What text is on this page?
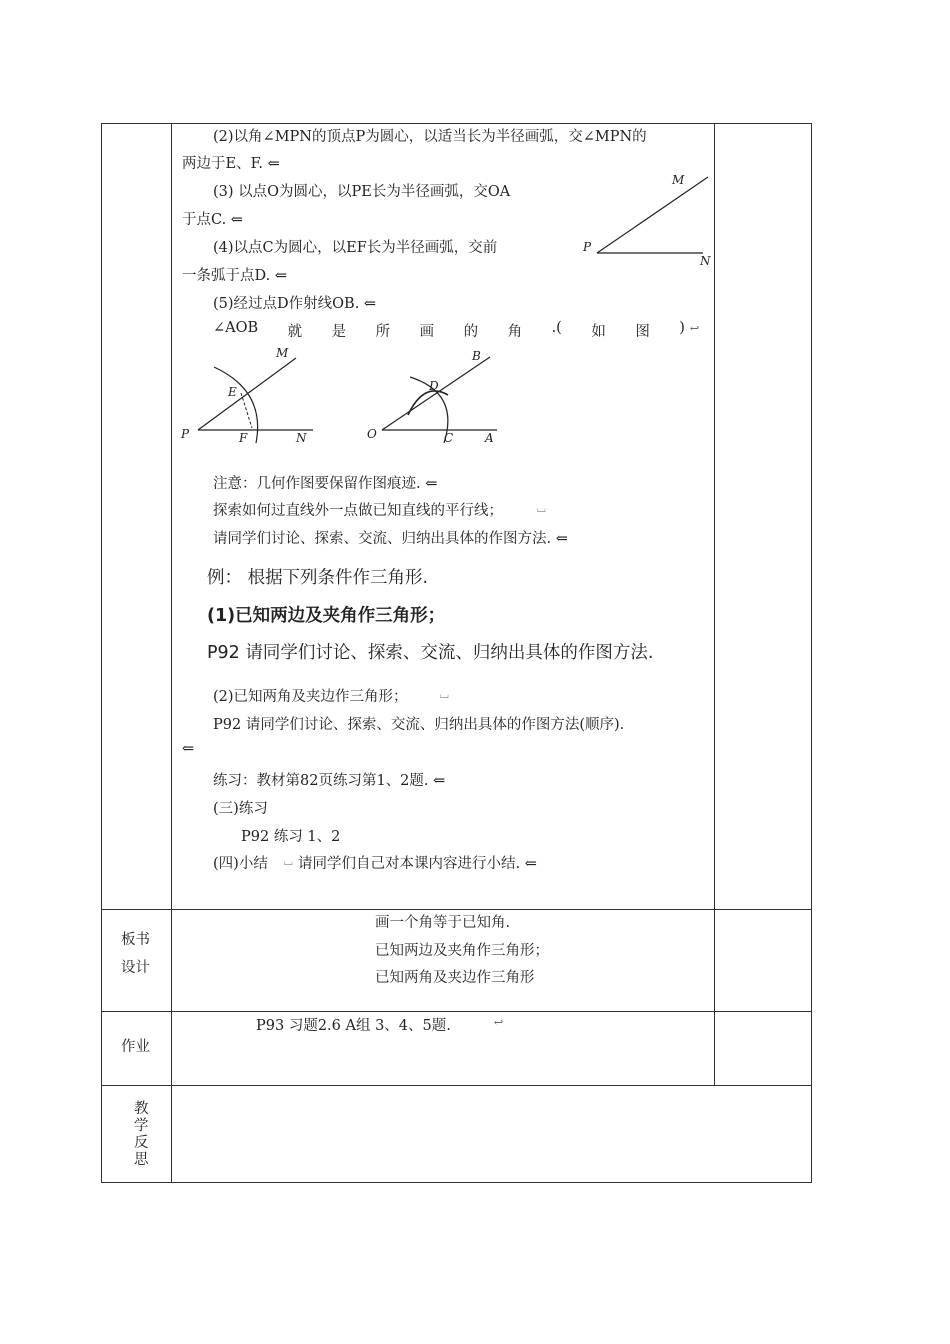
(2)以角∠MPN的顶点P为圆心，以适当长为半径画弧，交∠MPN的
两边于E、F. ⇐
(3) 以点O为圆心，以PE长为半径画弧，交OA
于点C. ⇐
(4)以点C为圆心，以EF长为半径画弧，交前
一条弧于点D. ⇐
(5)经过点D作射线OB. ⇐
∠AOB 就 是 所 画 的 角 .( 如 图 ) ↩
M
P
N
M
E
P	F	N
B
D
O	C	A
注意：几何作图要保留作图痕迹. ⇐
探索如何过直线外一点做已知直线的平行线；	⌴
请同学们讨论、探索、交流、归纳出具体的作图方法. ⇐
例： 根据下列条件作三角形.
(1)已知两边及夹角作三角形；
P92 请同学们讨论、探索、交流、归纳出具体的作图方法.
(2)已知两角及夹边作三角形；	⌴
P92 请同学们讨论、探索、交流、归纳出具体的作图方法(顺序).
⇐
练习：教材第82页练习第1、2题. ⇐
(三)练习
P92 练习 1、2
(四)小结 ⌴ 请同学们自己对本课内容进行小结. ⇐
板书
设计
画一个角等于已知角.
已知两边及夹角作三角形；
已知两角及夹边作三角形
作业
P93 习题2.6 A组 3、4、5题.	↩
教
学
反
思
